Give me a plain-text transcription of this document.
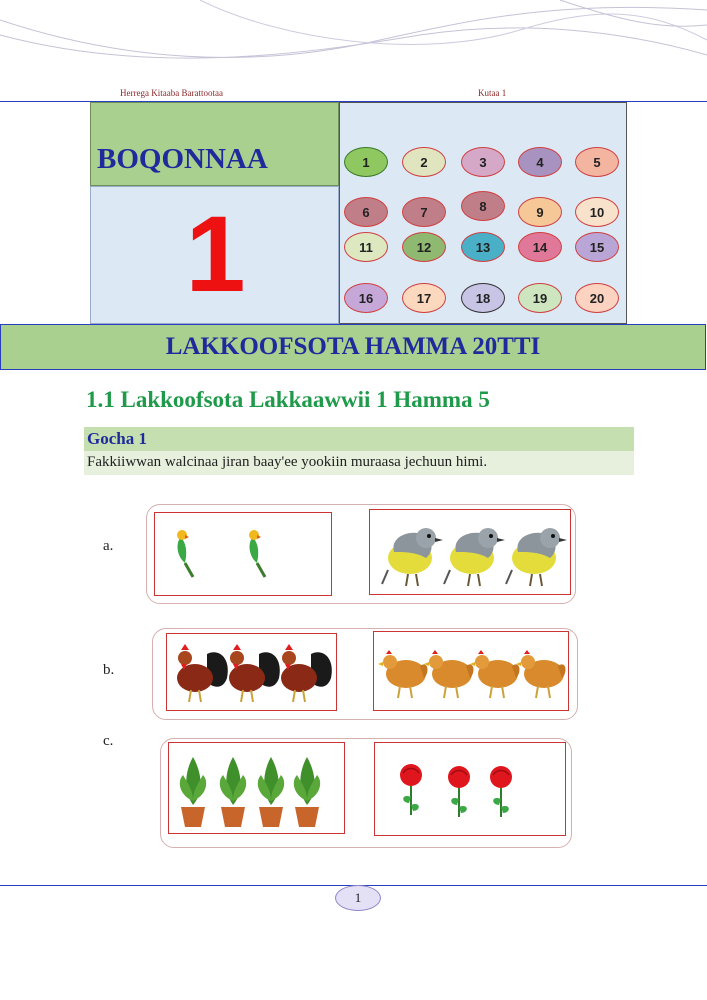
Herrega Kitaaba Barattootaa	Kutaa 1
BOQONNAA
1
1	2	3	4	5
6	7	8	9	10
11	12	13	14	15
16	17	18	19	20
LAKKOOFSOTA HAMMA 20TTI
1.1 Lakkoofsota Lakkaawwii 1 Hamma 5
Gocha 1
Fakkiiwwan walcinaa jiran baay'ee yookiin muraasa jechuun himi.
a.
b.
c.
1
